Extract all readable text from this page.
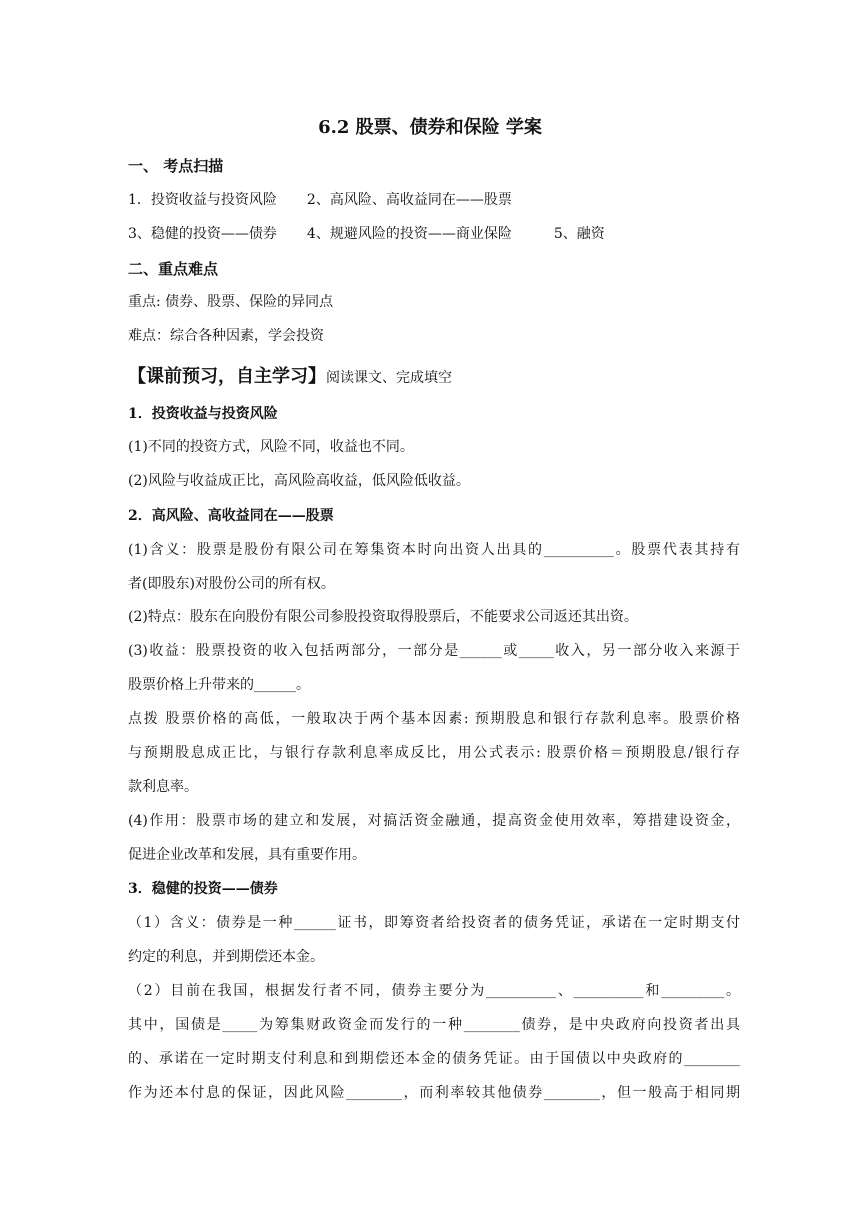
6.2 股票、债券和保险 学案
一、 考点扫描
1．投资收益与投资风险 2、高风险、高收益同在——股票
3、稳健的投资——债券 4、规避风险的投资——商业保险	5、融资
二、重点难点
重点: 债券、股票、保险的异同点
难点：综合各种因素，学会投资
【课前预习，自主学习】阅读课文、完成填空
1．投资收益与投资风险
(1)不同的投资方式，风险不同，收益也不同。
(2)风险与收益成正比，高风险高收益，低风险低收益。
2．高风险、高收益同在——股票
(1)含义：股票是股份有限公司在筹集资本时向出资人出具的__________。股票代表其持有
者(即股东)对股份公司的所有权。
(2)特点：股东在向股份有限公司参股投资取得股票后，不能要求公司返还其出资。
(3)收益：股票投资的收入包括两部分，一部分是______或_____收入，另一部分收入来源于
股票价格上升带来的______。
点拨 股票价格的高低，一般取决于两个基本因素: 预期股息和银行存款利息率。股票价格
与预期股息成正比，与银行存款利息率成反比，用公式表示: 股票价格＝预期股息/银行存
款利息率。
(4)作用：股票市场的建立和发展，对搞活资金融通，提高资金使用效率，筹措建设资金，
促进企业改革和发展，具有重要作用。
3．稳健的投资——债券
（1）含义：债券是一种______证书，即筹资者给投资者的债务凭证，承诺在一定时期支付
约定的利息，并到期偿还本金。
（2）目前在我国，根据发行者不同，债券主要分为__________、__________和_________。
其中，国债是_____为筹集财政资金而发行的一种________债券，是中央政府向投资者出具
的、承诺在一定时期支付利息和到期偿还本金的债务凭证。由于国债以中央政府的________
作为还本付息的保证，因此风险________，而利率较其他债券________，但一般高于相同期
